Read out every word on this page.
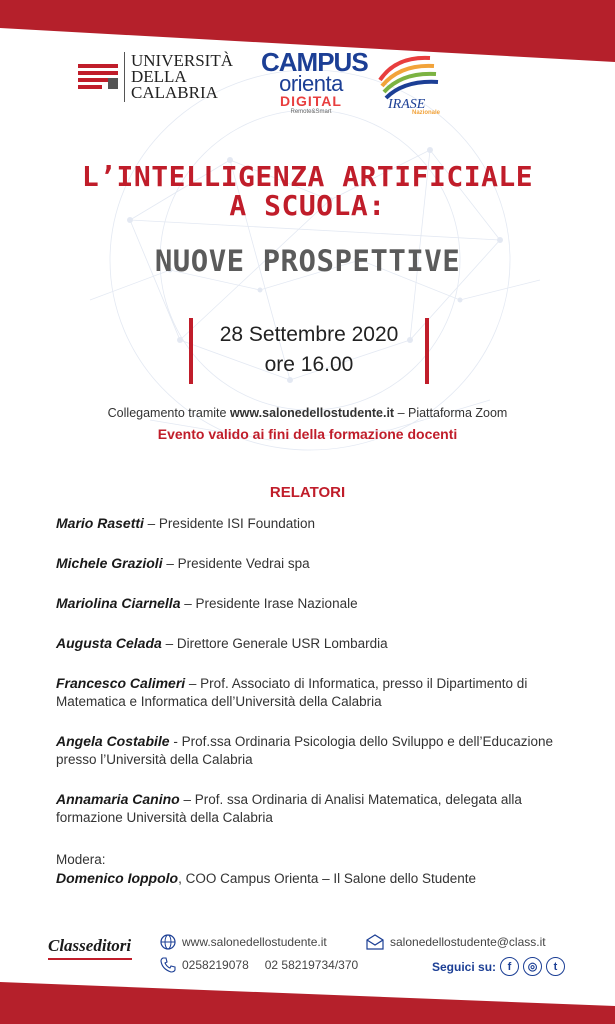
UNIVERSITÀ
DELLA
CALABRIA
CAMPUS
orienta
DIGITAL
Remote&Smart	IRASE
Nazionale
L’INTELLIGENZA ARTIFICIALE
A SCUOLA:
NUOVE PROSPETTIVE
28 Settembre 2020
ore 16.00
Collegamento tramite www.salonedellostudente.it – Piattaforma Zoom
Evento valido ai fini della formazione docenti
RELATORI
Mario Rasetti – Presidente ISI Foundation
Michele Grazioli – Presidente Vedrai spa
Mariolina Ciarnella – Presidente Irase Nazionale
Augusta Celada – Direttore Generale USR Lombardia
Francesco Calimeri – Prof. Associato di Informatica, presso il Dipartimento di Matematica e Informatica dell’Università della Calabria
Angela Costabile - Prof.ssa Ordinaria Psicologia dello Sviluppo e dell’Educazione presso l’Università della Calabria
Annamaria Canino – Prof. ssa Ordinaria di Analisi Matematica, delegata alla formazione Università della Calabria
Modera:
Domenico Ioppolo, COO Campus Orienta – Il Salone dello Studente
Classeditori	www.salonedellostudente.it	salonedellostudente@class.it
0258219078 02 58219734/370	Seguici su:	f	◎	t
